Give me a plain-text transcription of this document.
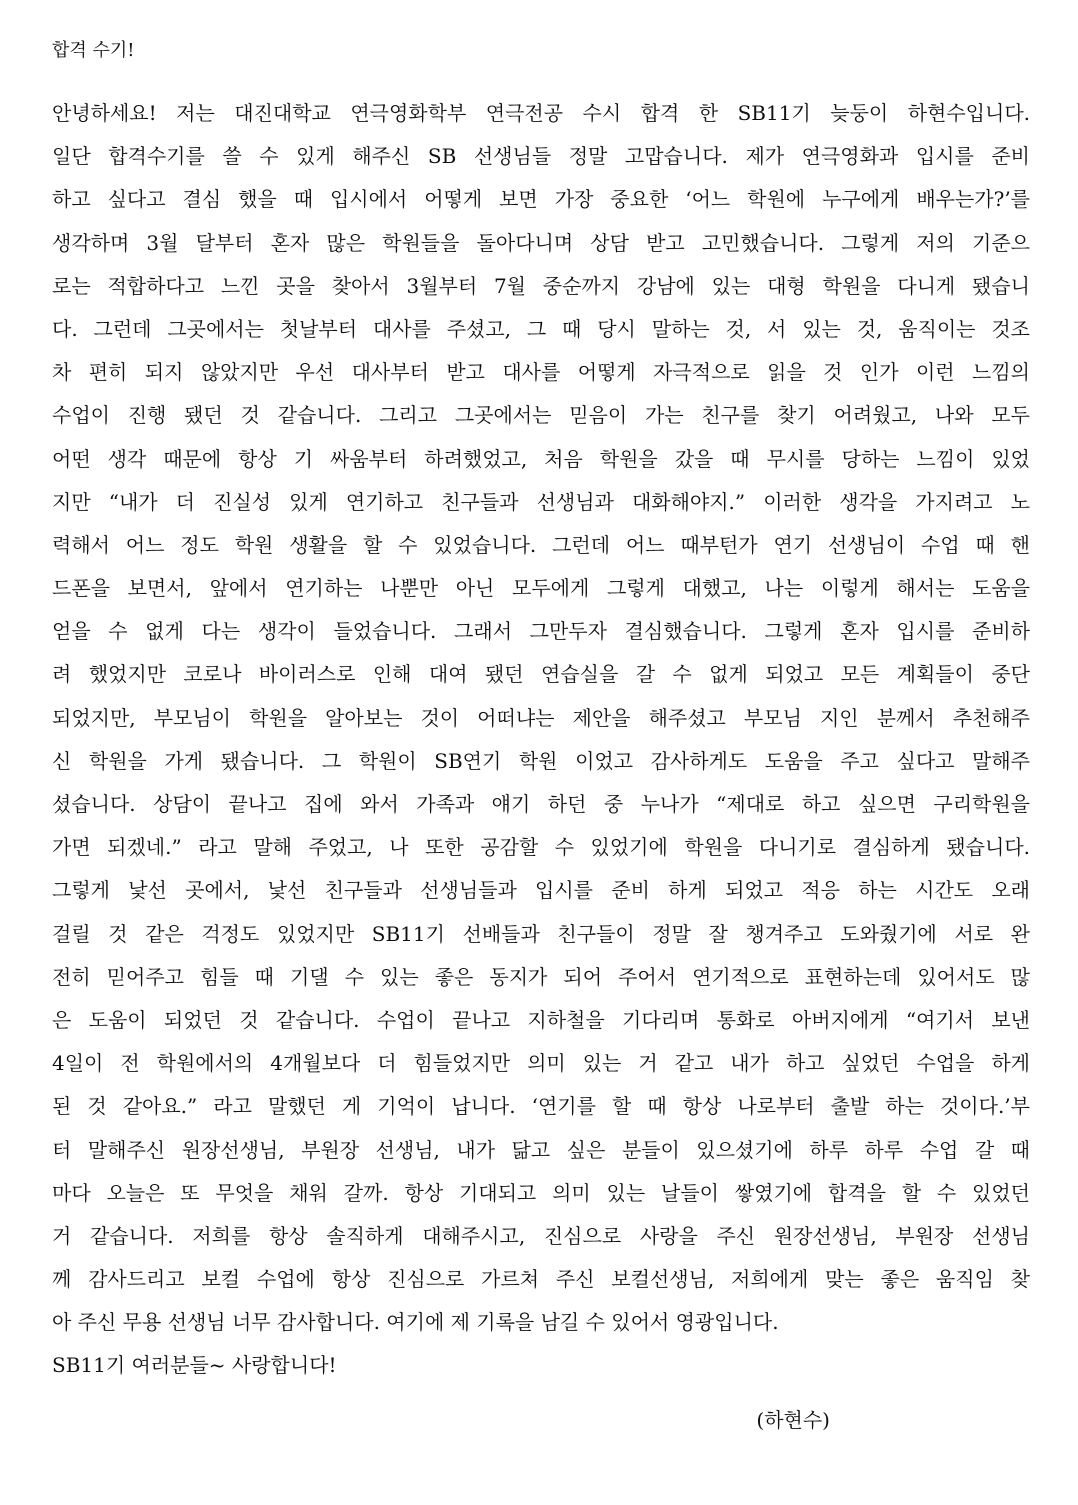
합격 수기!
안녕하세요! 저는 대진대학교 연극영화학부 연극전공 수시 합격 한 SB11기 늦둥이 하현수입니다.
일단 합격수기를 쓸 수 있게 해주신 SB 선생님들 정말 고맙습니다. 제가 연극영화과 입시를 준비
하고 싶다고 결심 했을 때 입시에서 어떻게 보면 가장 중요한 ‘어느 학원에 누구에게 배우는가?’를
생각하며 3월 달부터 혼자 많은 학원들을 돌아다니며 상담 받고 고민했습니다. 그렇게 저의 기준으
로는 적합하다고 느낀 곳을 찾아서 3월부터 7월 중순까지 강남에 있는 대형 학원을 다니게 됐습니
다. 그런데 그곳에서는 첫날부터 대사를 주셨고, 그 때 당시 말하는 것, 서 있는 것, 움직이는 것조
차 편히 되지 않았지만 우선 대사부터 받고 대사를 어떻게 자극적으로 읽을 것 인가 이런 느낌의
수업이 진행 됐던 것 같습니다. 그리고 그곳에서는 믿음이 가는 친구를 찾기 어려웠고, 나와 모두
어떤 생각 때문에 항상 기 싸움부터 하려했었고, 처음 학원을 갔을 때 무시를 당하는 느낌이 있었
지만 “내가 더 진실성 있게 연기하고 친구들과 선생님과 대화해야지.” 이러한 생각을 가지려고 노
력해서 어느 정도 학원 생활을 할 수 있었습니다. 그런데 어느 때부턴가 연기 선생님이 수업 때 핸
드폰을 보면서, 앞에서 연기하는 나뿐만 아닌 모두에게 그렇게 대했고, 나는 이렇게 해서는 도움을
얻을 수 없게 다는 생각이 들었습니다. 그래서 그만두자 결심했습니다. 그렇게 혼자 입시를 준비하
려 했었지만 코로나 바이러스로 인해 대여 됐던 연습실을 갈 수 없게 되었고 모든 계획들이 중단
되었지만, 부모님이 학원을 알아보는 것이 어떠냐는 제안을 해주셨고 부모님 지인 분께서 추천해주
신 학원을 가게 됐습니다. 그 학원이 SB연기 학원 이었고 감사하게도 도움을 주고 싶다고 말해주
셨습니다. 상담이 끝나고 집에 와서 가족과 얘기 하던 중 누나가 “제대로 하고 싶으면 구리학원을
가면 되겠네.” 라고 말해 주었고, 나 또한 공감할 수 있었기에 학원을 다니기로 결심하게 됐습니다.
그렇게 낯선 곳에서, 낯선 친구들과 선생님들과 입시를 준비 하게 되었고 적응 하는 시간도 오래
걸릴 것 같은 걱정도 있었지만 SB11기 선배들과 친구들이 정말 잘 챙겨주고 도와줬기에 서로 완
전히 믿어주고 힘들 때 기댈 수 있는 좋은 동지가 되어 주어서 연기적으로 표현하는데 있어서도 많
은 도움이 되었던 것 같습니다. 수업이 끝나고 지하철을 기다리며 통화로 아버지에게 “여기서 보낸
4일이 전 학원에서의 4개월보다 더 힘들었지만 의미 있는 거 같고 내가 하고 싶었던 수업을 하게
된 것 같아요.” 라고 말했던 게 기억이 납니다. ‘연기를 할 때 항상 나로부터 출발 하는 것이다.’부
터 말해주신 원장선생님, 부원장 선생님, 내가 닮고 싶은 분들이 있으셨기에 하루 하루 수업 갈 때
마다 오늘은 또 무엇을 채워 갈까. 항상 기대되고 의미 있는 날들이 쌓였기에 합격을 할 수 있었던
거 같습니다. 저희를 항상 솔직하게 대해주시고, 진심으로 사랑을 주신 원장선생님, 부원장 선생님
께 감사드리고 보컬 수업에 항상 진심으로 가르쳐 주신 보컬선생님, 저희에게 맞는 좋은 움직임 찾
아 주신 무용 선생님 너무 감사합니다. 여기에 제 기록을 남길 수 있어서 영광입니다.
SB11기 여러분들~ 사랑합니다!
(하현수)
